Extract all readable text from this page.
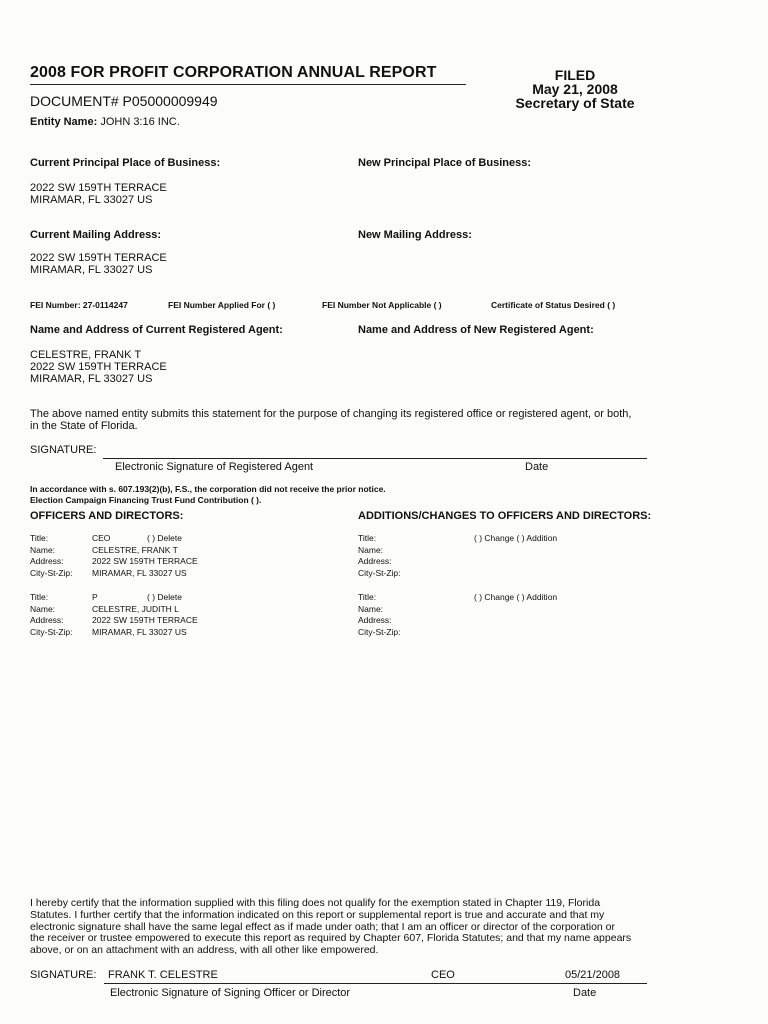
2008 FOR PROFIT CORPORATION ANNUAL REPORT
DOCUMENT# P05000009949
FILED
May 21, 2008
Secretary of State
Entity Name: JOHN 3:16 INC.
Current Principal Place of Business:	New Principal Place of Business:
2022 SW 159TH TERRACE
MIRAMAR, FL 33027 US
Current Mailing Address:	New Mailing Address:
2022 SW 159TH TERRACE
MIRAMAR, FL 33027 US
FEI Number: 27-0114247	FEI Number Applied For ( )	FEI Number Not Applicable ( )	Certificate of Status Desired ( )
Name and Address of Current Registered Agent:	Name and Address of New Registered Agent:
CELESTRE, FRANK T
2022 SW 159TH TERRACE
MIRAMAR, FL 33027 US
The above named entity submits this statement for the purpose of changing its registered office or registered agent, or both,
in the State of Florida.
SIGNATURE:
Electronic Signature of Registered Agent	Date
In accordance with s. 607.193(2)(b), F.S., the corporation did not receive the prior notice.
Election Campaign Financing Trust Fund Contribution ( ).
OFFICERS AND DIRECTORS:	ADDITIONS/CHANGES TO OFFICERS AND DIRECTORS:
Title:	CEO	( ) Delete
Name:	CELESTRE, FRANK T
Address:	2022 SW 159TH TERRACE
City-St-Zip:	MIRAMAR, FL 33027 US
Title:	( ) Change ( ) Addition
Name:
Address:
City-St-Zip:
Title:	P	( ) Delete
Name:	CELESTRE, JUDITH L
Address:	2022 SW 159TH TERRACE
City-St-Zip:	MIRAMAR, FL 33027 US
Title:	( ) Change ( ) Addition
Name:
Address:
City-St-Zip:
I hereby certify that the information supplied with this filing does not qualify for the exemption stated in Chapter 119, Florida
Statutes. I further certify that the information indicated on this report or supplemental report is true and accurate and that my
electronic signature shall have the same legal effect as if made under oath; that I am an officer or director of the corporation or
the receiver or trustee empowered to execute this report as required by Chapter 607, Florida Statutes; and that my name appears
above, or on an attachment with an address, with all other like empowered.
SIGNATURE: FRANK T. CELESTRE	CEO	05/21/2008
Electronic Signature of Signing Officer or Director	Date
